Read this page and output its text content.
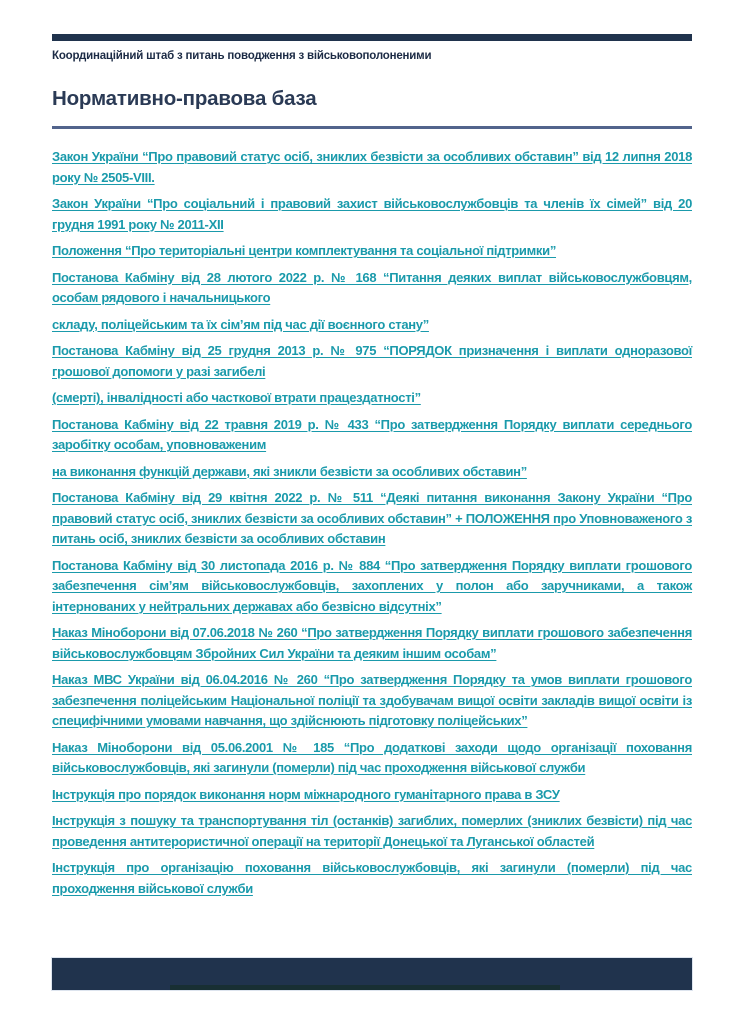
Координаційний штаб з питань поводження з військовополоненими
Нормативно-правова база

Закон України “Про правовий статус осіб, зниклих безвісти за особливих обставин” від 12 липня 2018 року № 2505-VIII.

Закон України “Про соціальний і правовий захист військовослужбовців та членів їх сімей” від 20 грудня 1991 року № 2011-XII

Положення “Про територіальні центри комплектування та соціальної підтримки”

Постанова Кабміну від 28 лютого 2022 р. № 168 “Питання деяких виплат військовослужбовцям, особам рядового і начальницького

складу, поліцейським та їх сім’ям під час дії воєнного стану”

Постанова Кабміну від 25 грудня 2013 р. № 975 “ПОРЯДОК призначення і виплати одноразової грошової допомоги у разі загибелі

(смерті), інвалідності або часткової втрати працездатності”

Постанова Кабміну від 22 травня 2019 р. № 433 “Про затвердження Порядку виплати середнього заробітку особам, уповноваженим

на виконання функцій держави, які зникли безвісти за особливих обставин”

Постанова Кабміну від 29 квітня 2022 р. № 511 “Деякі питання виконання Закону України “Про правовий статус осіб, зниклих безвісти за особливих обставин” + ПОЛОЖЕННЯ про Уповноваженого з питань осіб, зниклих безвісти за особливих обставин

Постанова Кабміну від 30 листопада 2016 р. № 884 “Про затвердження Порядку виплати грошового забезпечення сім’ям військовослужбовців, захоплених у полон або заручниками, а також інтернованих у нейтральних державах або безвісно відсутніх”

Наказ Міноборони від 07.06.2018 № 260 “Про затвердження Порядку виплати грошового забезпечення військовослужбовцям Збройних Сил України та деяким іншим особам”

Наказ МВС України від 06.04.2016 № 260 “Про затвердження Порядку та умов виплати грошового забезпечення поліцейським Національної поліції та здобувачам вищої освіти закладів вищої освіти із специфічними умовами навчання, що здійснюють підготовку поліцейських”

Наказ Міноборони від 05.06.2001 № 185 “Про додаткові заходи щодо організації поховання військовослужбовців, які загинули (померли) під час проходження військової служби

Інструкція про порядок виконання норм міжнародного гуманітарного права в ЗСУ

Інструкція з пошуку та транспортування тіл (останків) загиблих, померлих (зниклих безвісти) під час проведення антитерористичної операції на території Донецької та Луганської областей

Інструкція про організацію поховання військовослужбовців, які загинули (померли) під час проходження військової служби
